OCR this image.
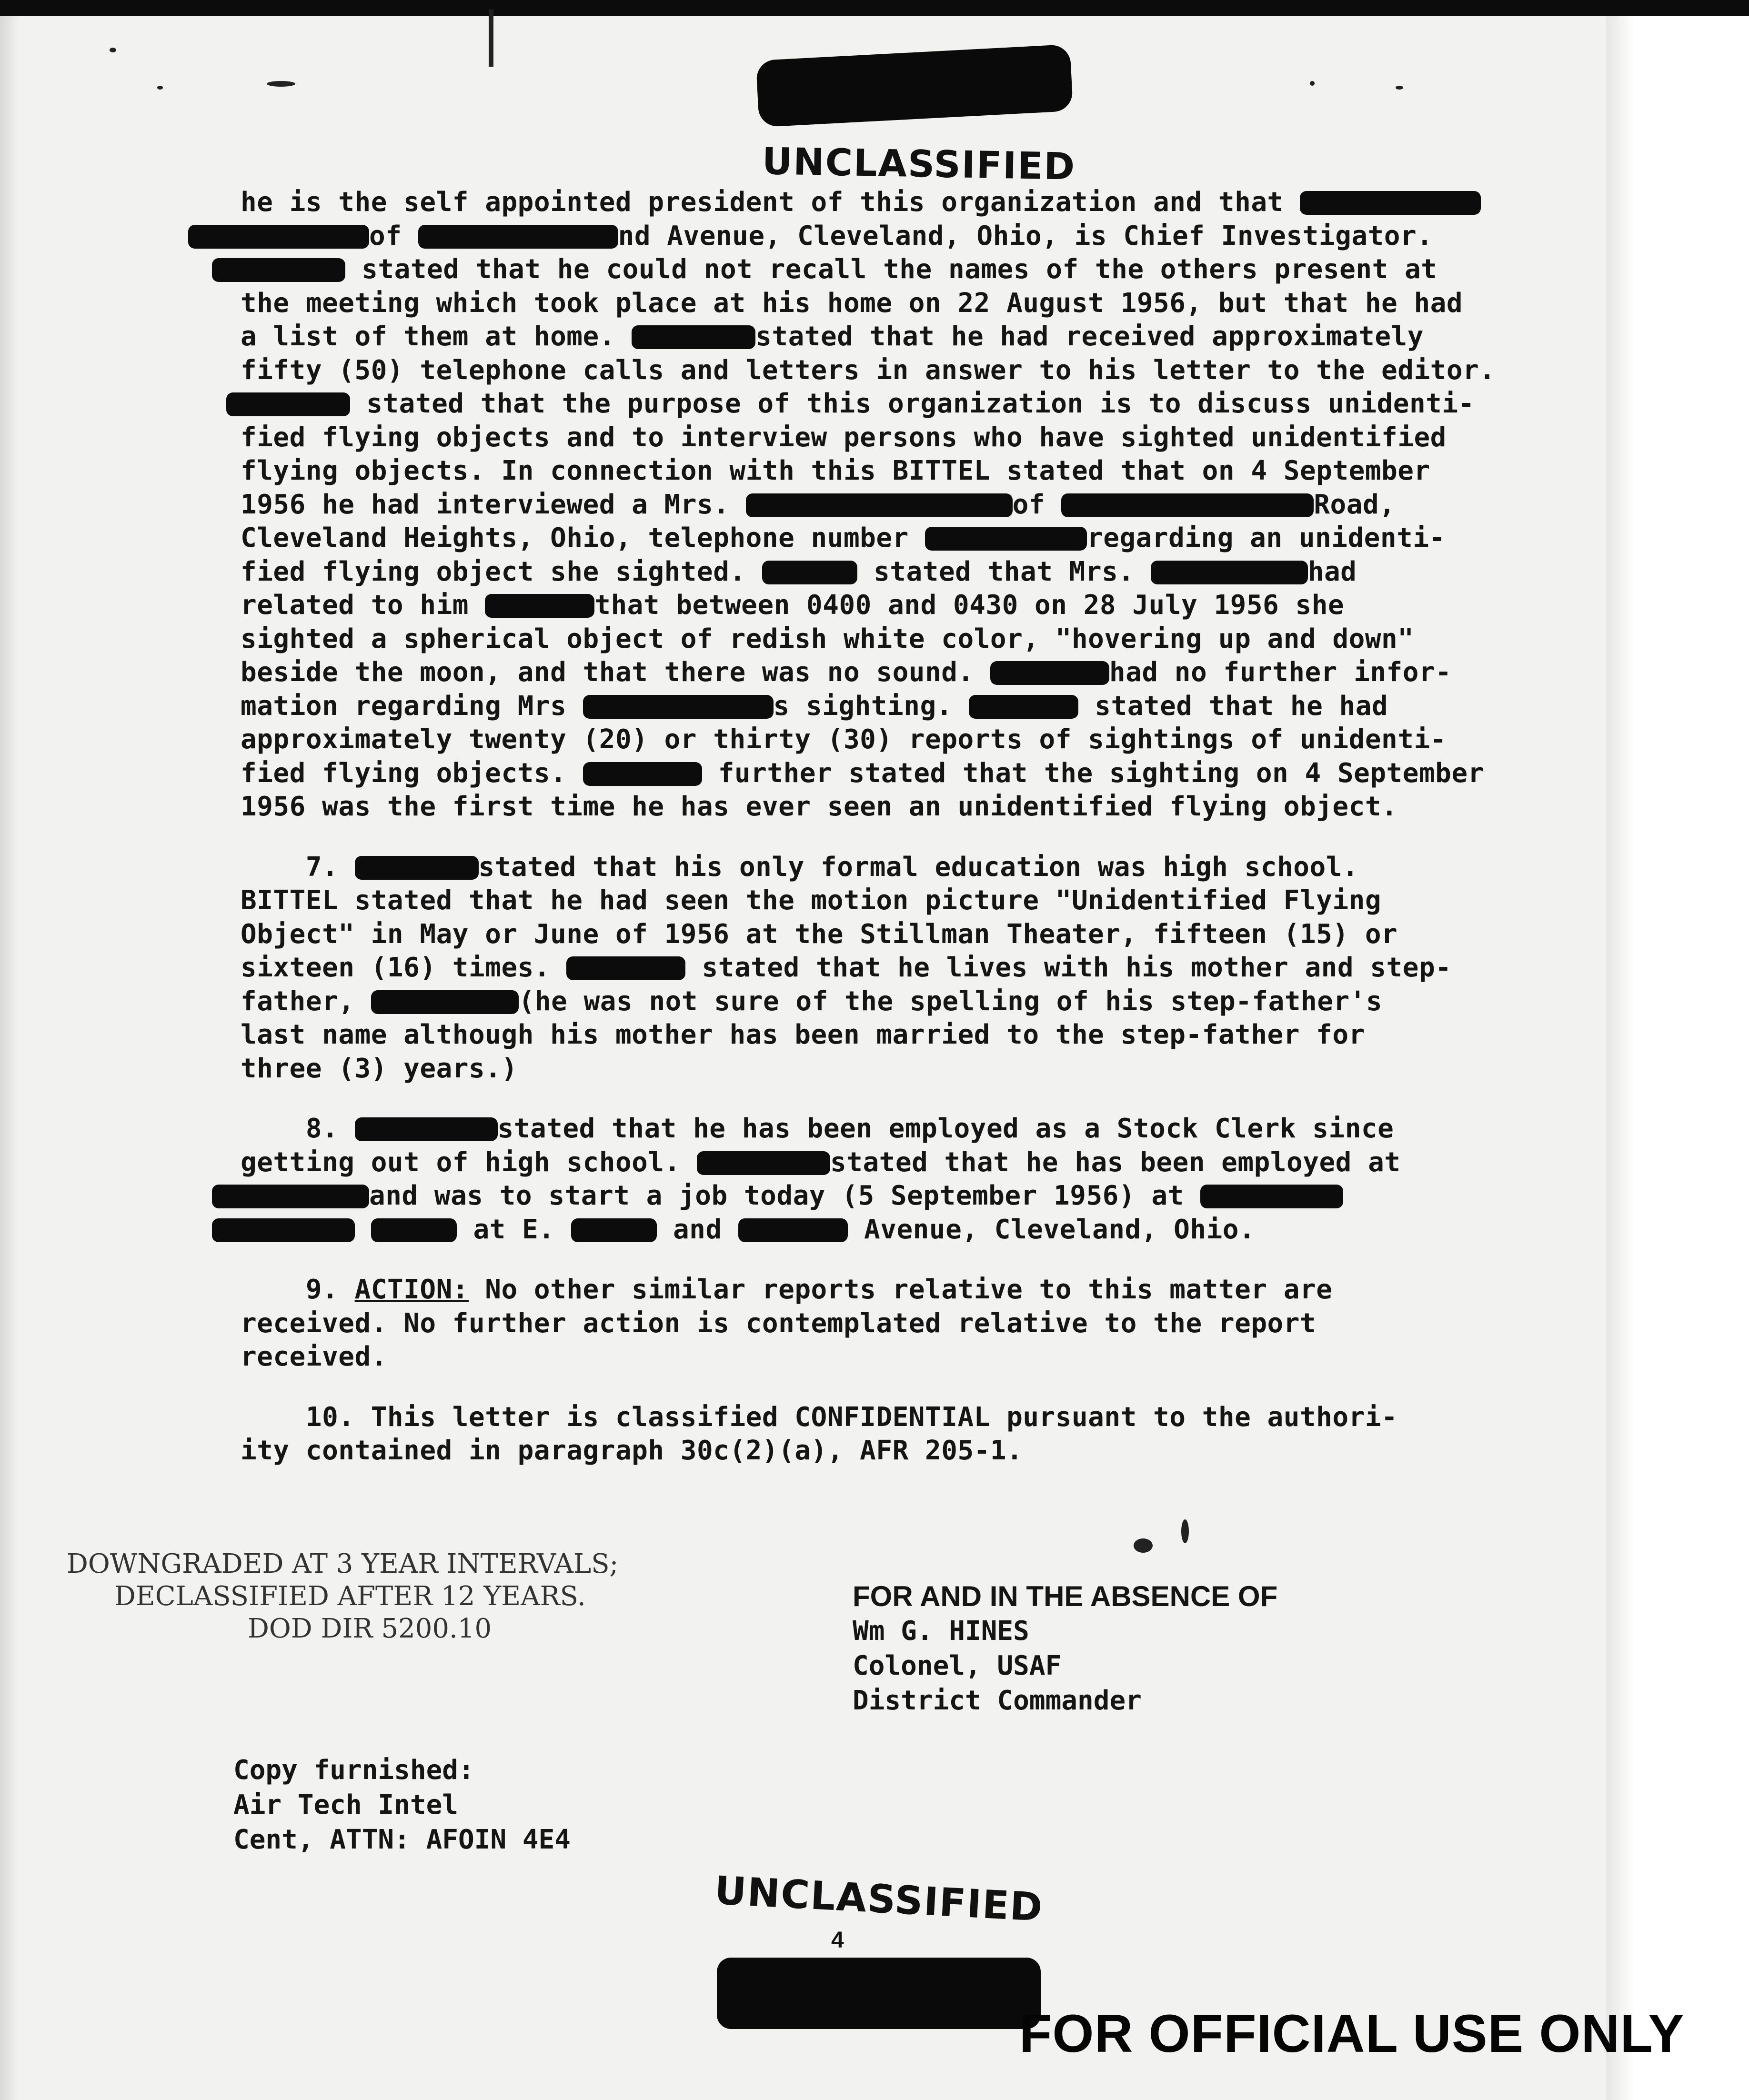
UNCLASSIFIED
he is the self appointed president of this organization and that
of	nd Avenue, Cleveland, Ohio, is Chief Investigator.
stated that he could not recall the names of the others present at
the meeting which took place at his home on 22 August 1956, but that he had
a list of them at home.	stated that he had received approximately
fifty (50) telephone calls and letters in answer to his letter to the editor.
stated that the purpose of this organization is to discuss unidenti-
fied flying objects and to interview persons who have sighted unidentified
flying objects. In connection with this BITTEL stated that on 4 September
1956 he had interviewed a Mrs.	of	Road,
Cleveland Heights, Ohio, telephone number	regarding an unidenti-
fied flying object she sighted.	stated that Mrs.	had
related to him	that between 0400 and 0430 on 28 July 1956 she
sighted a spherical object of redish white color, "hovering up and down"
beside the moon, and that there was no sound.	had no further infor-
mation regarding Mrs	s sighting.	stated that he had
approximately twenty (20) or thirty (30) reports of sightings of unidenti-
fied flying objects.	further stated that the sighting on 4 September
1956 was the first time he has ever seen an unidentified flying object.
7.	stated that his only formal education was high school.
BITTEL stated that he had seen the motion picture "Unidentified Flying
Object" in May or June of 1956 at the Stillman Theater, fifteen (15) or
sixteen (16) times.	stated that he lives with his mother and step-
father,	(he was not sure of the spelling of his step-father's
last name although his mother has been married to the step-father for
three (3) years.)
8.	stated that he has been employed as a Stock Clerk since
getting out of high school.	stated that he has been employed at
and was to start a job today (5 September 1956) at
at E.	and	Avenue, Cleveland, Ohio.
9. ACTION: No other similar reports relative to this matter are
received. No further action is contemplated relative to the report
received.
10. This letter is classified CONFIDENTIAL pursuant to the authori-
ity contained in paragraph 30c(2)(a), AFR 205-1.
DOWNGRADED AT 3 YEAR INTERVALS;
DECLASSIFIED AFTER 12 YEARS.
DOD DIR 5200.10
FOR AND IN THE ABSENCE OF
Wm G. HINES
Colonel, USAF
District Commander
Copy furnished:
Air Tech Intel
Cent, ATTN: AFOIN 4E4
UNCLASSIFIED
4
FOR OFFICIAL USE ONLY
